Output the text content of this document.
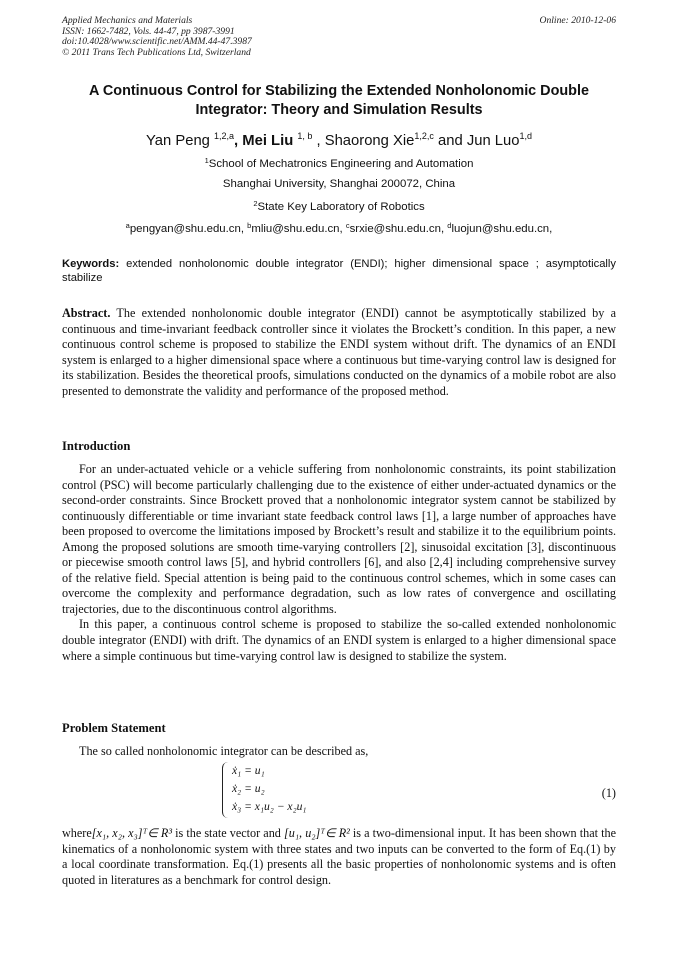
Applied Mechanics and Materials
ISSN: 1662-7482, Vols. 44-47, pp 3987-3991
doi:10.4028/www.scientific.net/AMM.44-47.3987
© 2011 Trans Tech Publications Ltd, Switzerland
Online: 2010-12-06
A Continuous Control for Stabilizing the Extended Nonholonomic Double
Integrator: Theory and Simulation Results
Yan Peng $^{1,2,a}$, Mei Liu $^{1, b}$ , Shaorong Xie$^{1,2,c}$ and Jun Luo$^{1,d}$
$^1$School of Mechatronics Engineering and Automation
Shanghai University, Shanghai 200072, China
$^2$State Key Laboratory of Robotics
$^a$pengyan@shu.edu.cn, $^b$mliu@shu.edu.cn, $^c$srxie@shu.edu.cn, $^d$luojun@shu.edu.cn,
Keywords: extended nonholonomic double integrator (ENDI); higher dimensional space ; asymptotically stabilize

Abstract. The extended nonholonomic double integrator (ENDI) cannot be asymptotically stabilized by a continuous and time-invariant feedback controller since it violates the Brockett’s condition. In this paper, a new continuous control scheme is proposed to stabilize the ENDI system without drift. The dynamics of an ENDI system is enlarged to a higher dimensional space where a continuous but time-varying control law is designed for its stabilization. Besides the theoretical proofs, simulations conducted on the dynamics of a mobile robot are also presented to demonstrate the validity and performance of the proposed method.

Introduction

For an under-actuated vehicle or a vehicle suffering from nonholonomic constraints, its point stabilization control (PSC) will become particularly challenging due to the existence of either under-actuated dynamics or the second-order constraints. Since Brockett proved that a nonholonomic integrator system cannot be stabilized by continuously differentiable or time invariant state feedback control laws [1], a large number of approaches have been proposed to overcome the limitations imposed by Brockett’s result and stabilize it to the equilibrium points. Among the proposed solutions are smooth time-varying controllers [2], sinusoidal excitation [3], discontinuous or piecewise smooth control laws [5], and hybrid controllers [6], and also [2,4] including comprehensive survey of the relative field. Special attention is being paid to the continuous control schemes, which in some cases can overcome the complexity and performance degradation, such as low rates of convergence and oscillating trajectories, due to the discontinuous control algorithms.

In this paper, a continuous control scheme is proposed to stabilize the so-called extended nonholonomic double integrator (ENDI) with drift. The dynamics of an ENDI system is enlarged to a higher dimensional space where a simple continuous but time-varying control law is designed to stabilize the system.

Problem Statement

The so called nonholonomic integrator can be described as,

ẋ₁ = u₁
ẋ₂ = u₂
ẋ₃ = x₁u₂ − x₂u₁
(1)

where[x₁, x₂, x₃]ᵀ∈ R³ is the state vector and [u₁, u₂]ᵀ∈ R² is a two-dimensional input. It has been shown that the kinematics of a nonholonomic system with three states and two inputs can be converted to the form of Eq.(1) by a local coordinate transformation. Eq.(1) presents all the basic properties of nonholonomic systems and is often quoted in literatures as a benchmark for control design.
